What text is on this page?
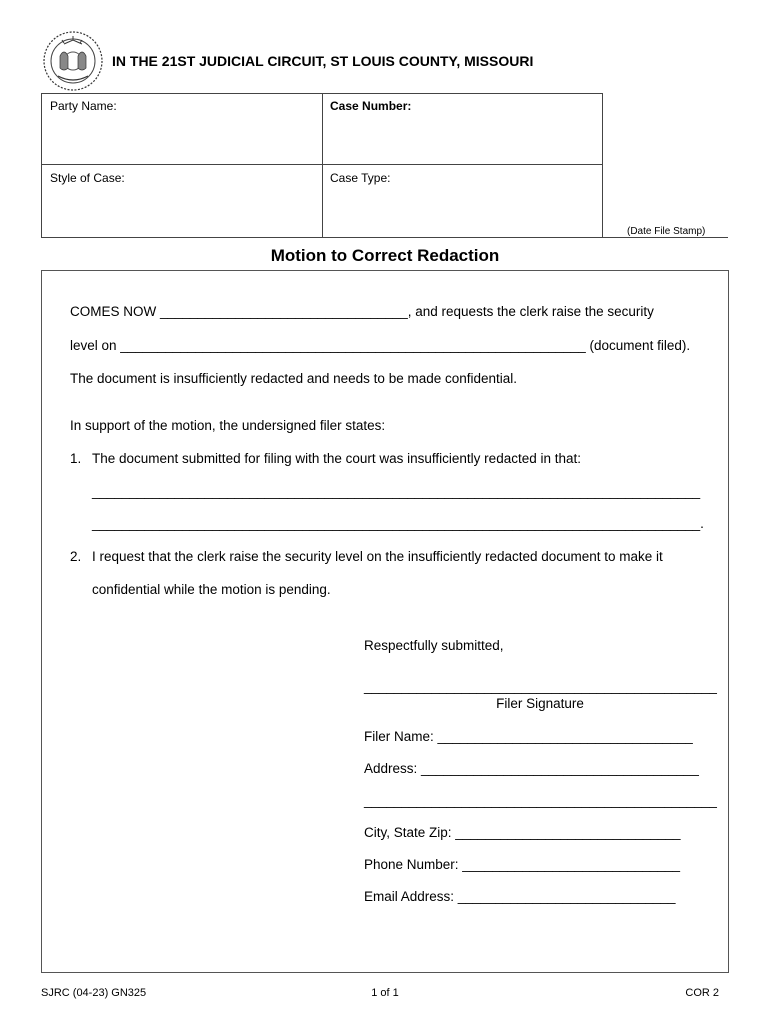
IN THE 21ST JUDICIAL CIRCUIT, ST LOUIS COUNTY, MISSOURI
Party Name:	Case Number:
Style of Case:	Case Type:
(Date File Stamp)
Motion to Correct Redaction
COMES NOW _________________________________, and requests the clerk raise the security
level on ______________________________________________________________ (document filed).
The document is insufficiently redacted and needs to be made confidential.
In support of the motion, the undersigned filer states:
1. The document submitted for filing with the court was insufficiently redacted in that:
_________________________________________________________________________________
_________________________________________________________________________________.
2. I request that the clerk raise the security level on the insufficiently redacted document to make it
confidential while the motion is pending.
Respectfully submitted,
_______________________________________________
Filer Signature
Filer Name: __________________________________
Address: _____________________________________
_______________________________________________
City, State Zip: ______________________________
Phone Number: _____________________________
Email Address: _____________________________
SJRC (04-23) GN325	1 of 1	COR 2
